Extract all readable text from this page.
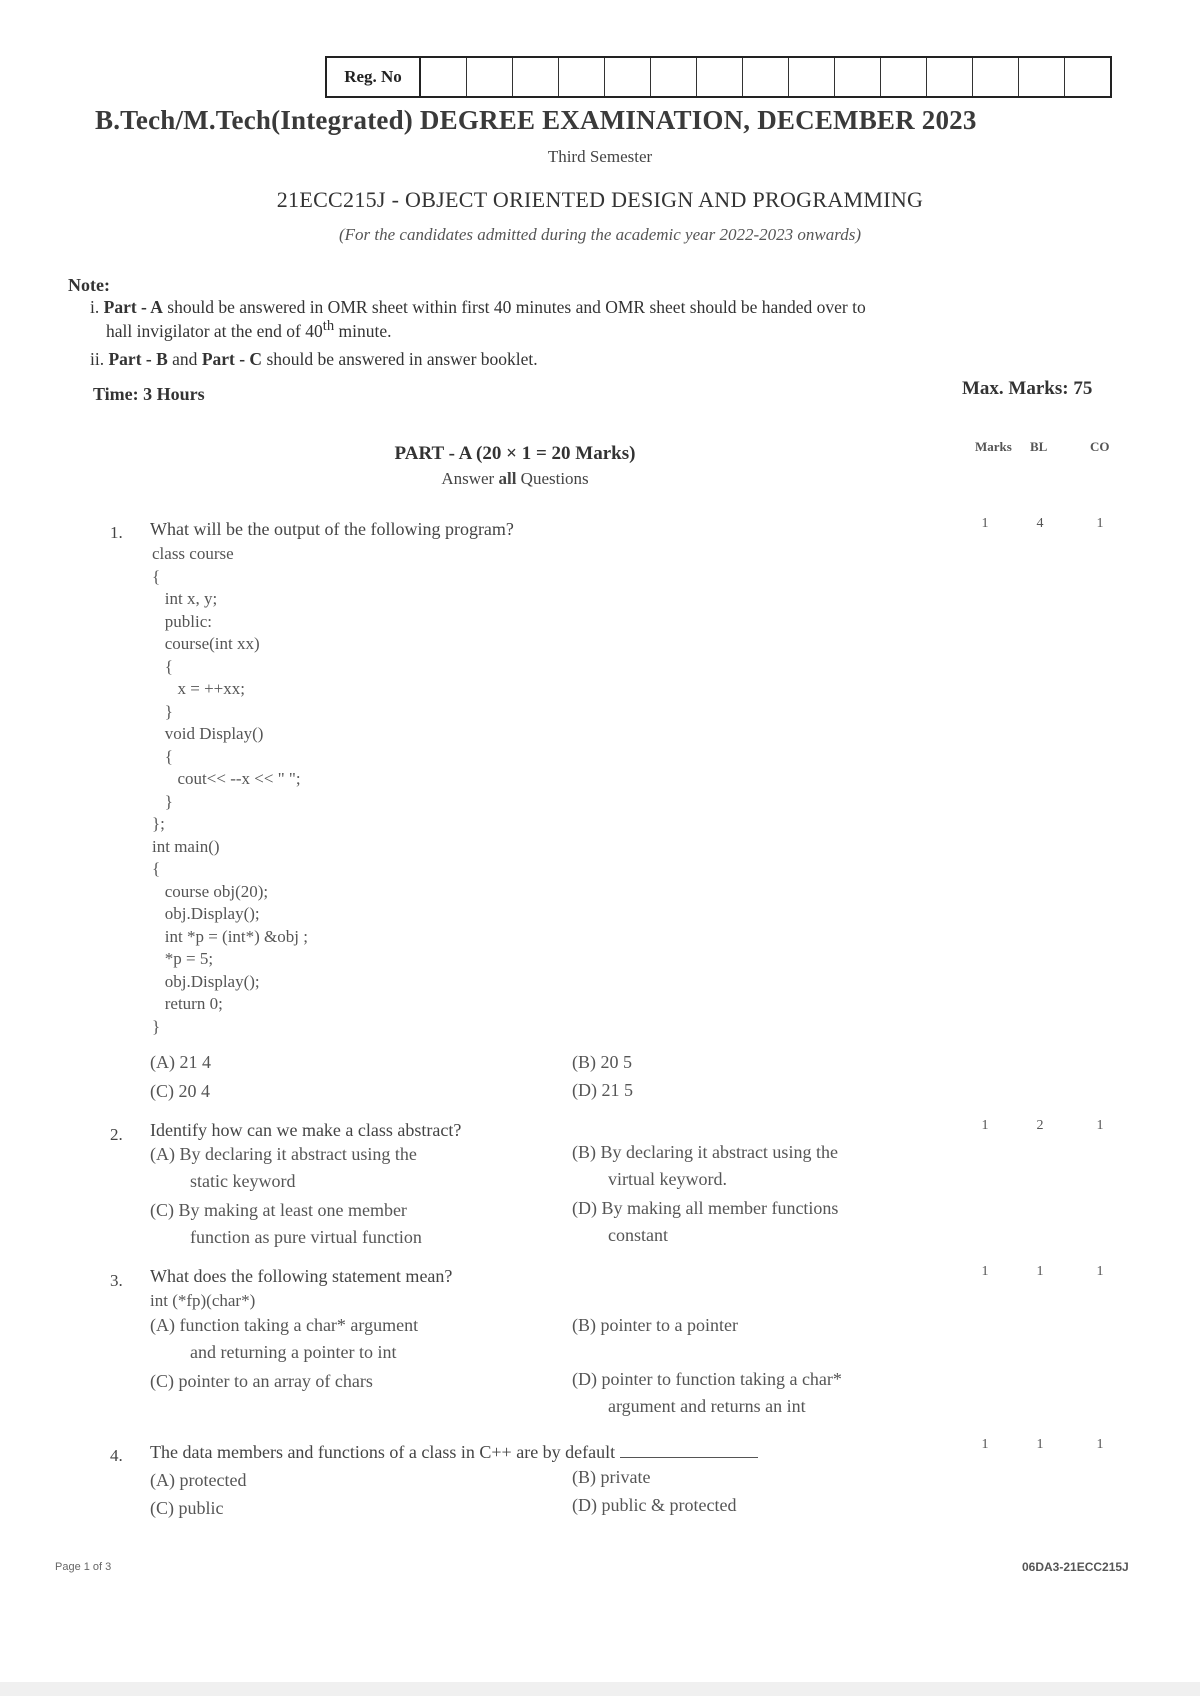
Reg. No
B.Tech/M.Tech(Integrated) DEGREE EXAMINATION, DECEMBER 2023
Third Semester
21ECC215J - OBJECT ORIENTED DESIGN AND PROGRAMMING
(For the candidates admitted during the academic year 2022-2023 onwards)
Note:
i. Part - A should be answered in OMR sheet within first 40 minutes and OMR sheet should be handed over to
hall invigilator at the end of 40th minute.
ii. Part - B and Part - C should be answered in answer booklet.
Time: 3 Hours	Max. Marks: 75
PART - A (20 × 1 = 20 Marks)
Answer all Questions
Marks BL	CO
1. What will be the output of the following program?
class course
{
int x, y;
public:
course(int xx)
{
x = ++xx;
}
void Display()
{
cout<< --x << " ";
}
};
int main()
{
course obj(20);
obj.Display();
int *p = (int*) &obj ;
*p = 5;
obj.Display();
return 0;
}
(A) 21 4	(B) 20 5
(C) 20 4	(D) 21 5
1	4	1
2. Identify how can we make a class abstract?
(A) By declaring it abstract using the
static keyword
(B) By declaring it abstract using the
virtual keyword.
(C) By making at least one member
function as pure virtual function
(D) By making all member functions
constant
1	2	1
3. What does the following statement mean?
int (*fp)(char*)
(A) function taking a char* argument
and returning a pointer to int
(B) pointer to a pointer
(C) pointer to an array of chars	(D) pointer to function taking a char*
argument and returns an int
1	1	1
4. The data members and functions of a class in C++ are by default
(A) protected	(B) private
(C) public	(D) public & protected
1	1	1
Page 1 of 3	06DA3-21ECC215J
